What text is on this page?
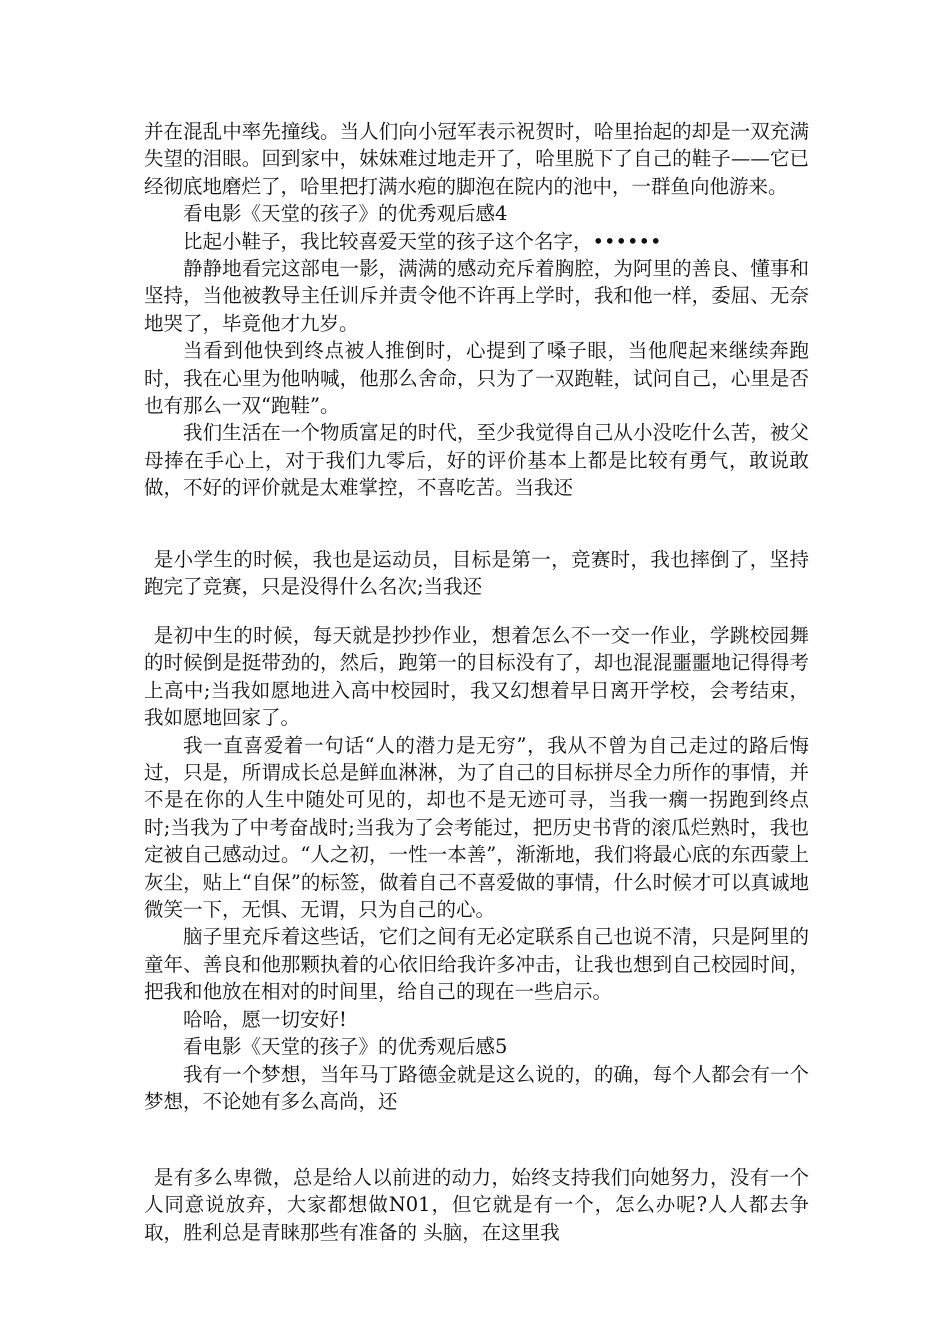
并在混乱中率先撞线。当人们向小冠军表示祝贺时，哈里抬起的却是一双充满失望的泪眼。回到家中，妹妹难过地走开了，哈里脱下了自己的鞋子——它已经彻底地磨烂了，哈里把打满水疱的脚泡在院内的池中，一群鱼向他游来。

看电影《天堂的孩子》的优秀观后感4

比起小鞋子，我比较喜爱天堂的孩子这个名字，••••••

静静地看完这部电一影，满满的感动充斥着胸腔，为阿里的善良、懂事和坚持，当他被教导主任训斥并责令他不许再上学时，我和他一样，委屈、无奈地哭了，毕竟他才九岁。

当看到他快到终点被人推倒时，心提到了嗓子眼，当他爬起来继续奔跑时，我在心里为他呐喊，他那么舍命，只为了一双跑鞋，试问自己，心里是否也有那么一双“跑鞋”。

我们生活在一个物质富足的时代，至少我觉得自己从小没吃什么苦，被父母捧在手心上，对于我们九零后，好的评价基本上都是比较有勇气，敢说敢做，不好的评价就是太难掌控，不喜吃苦。当我还

是小学生的时候，我也是运动员，目标是第一，竞赛时，我也摔倒了，坚持跑完了竞赛，只是没得什么名次;当我还

是初中生的时候，每天就是抄抄作业，想着怎么不一交一作业，学跳校园舞的时候倒是挺带劲的，然后，跑第一的目标没有了，却也混混噩噩地记得得考上高中;当我如愿地进入高中校园时，我又幻想着早日离开学校，会考结束，我如愿地回家了。

我一直喜爱着一句话“人的潜力是无穷”，我从不曾为自己走过的路后悔过，只是，所谓成长总是鲜血淋淋，为了自己的目标拼尽全力所作的事情，并不是在你的人生中随处可见的，却也不是无迹可寻，当我一瘸一拐跑到终点时;当我为了中考奋战时;当我为了会考能过，把历史书背的滚瓜烂熟时，我也定被自己感动过。“人之初，一性一本善”，渐渐地，我们将最心底的东西蒙上灰尘，贴上“自保”的标签，做着自己不喜爱做的事情，什么时候才可以真诚地微笑一下，无惧、无谓，只为自己的心。

脑子里充斥着这些话，它们之间有无必定联系自己也说不清，只是阿里的童年、善良和他那颗执着的心依旧给我许多冲击，让我也想到自己校园时间，把我和他放在相对的时间里，给自己的现在一些启示。

哈哈，愿一切安好!

看电影《天堂的孩子》的优秀观后感5

我有一个梦想，当年马丁路德金就是这么说的，的确，每个人都会有一个梦想，不论她有多么高尚，还

是有多么卑微，总是给人以前进的动力，始终支持我们向她努力，没有一个人同意说放弃，大家都想做N01，但它就是有一个，怎么办呢?人人都去争取，胜利总是青睐那些有准备的 头脑，在这里我
